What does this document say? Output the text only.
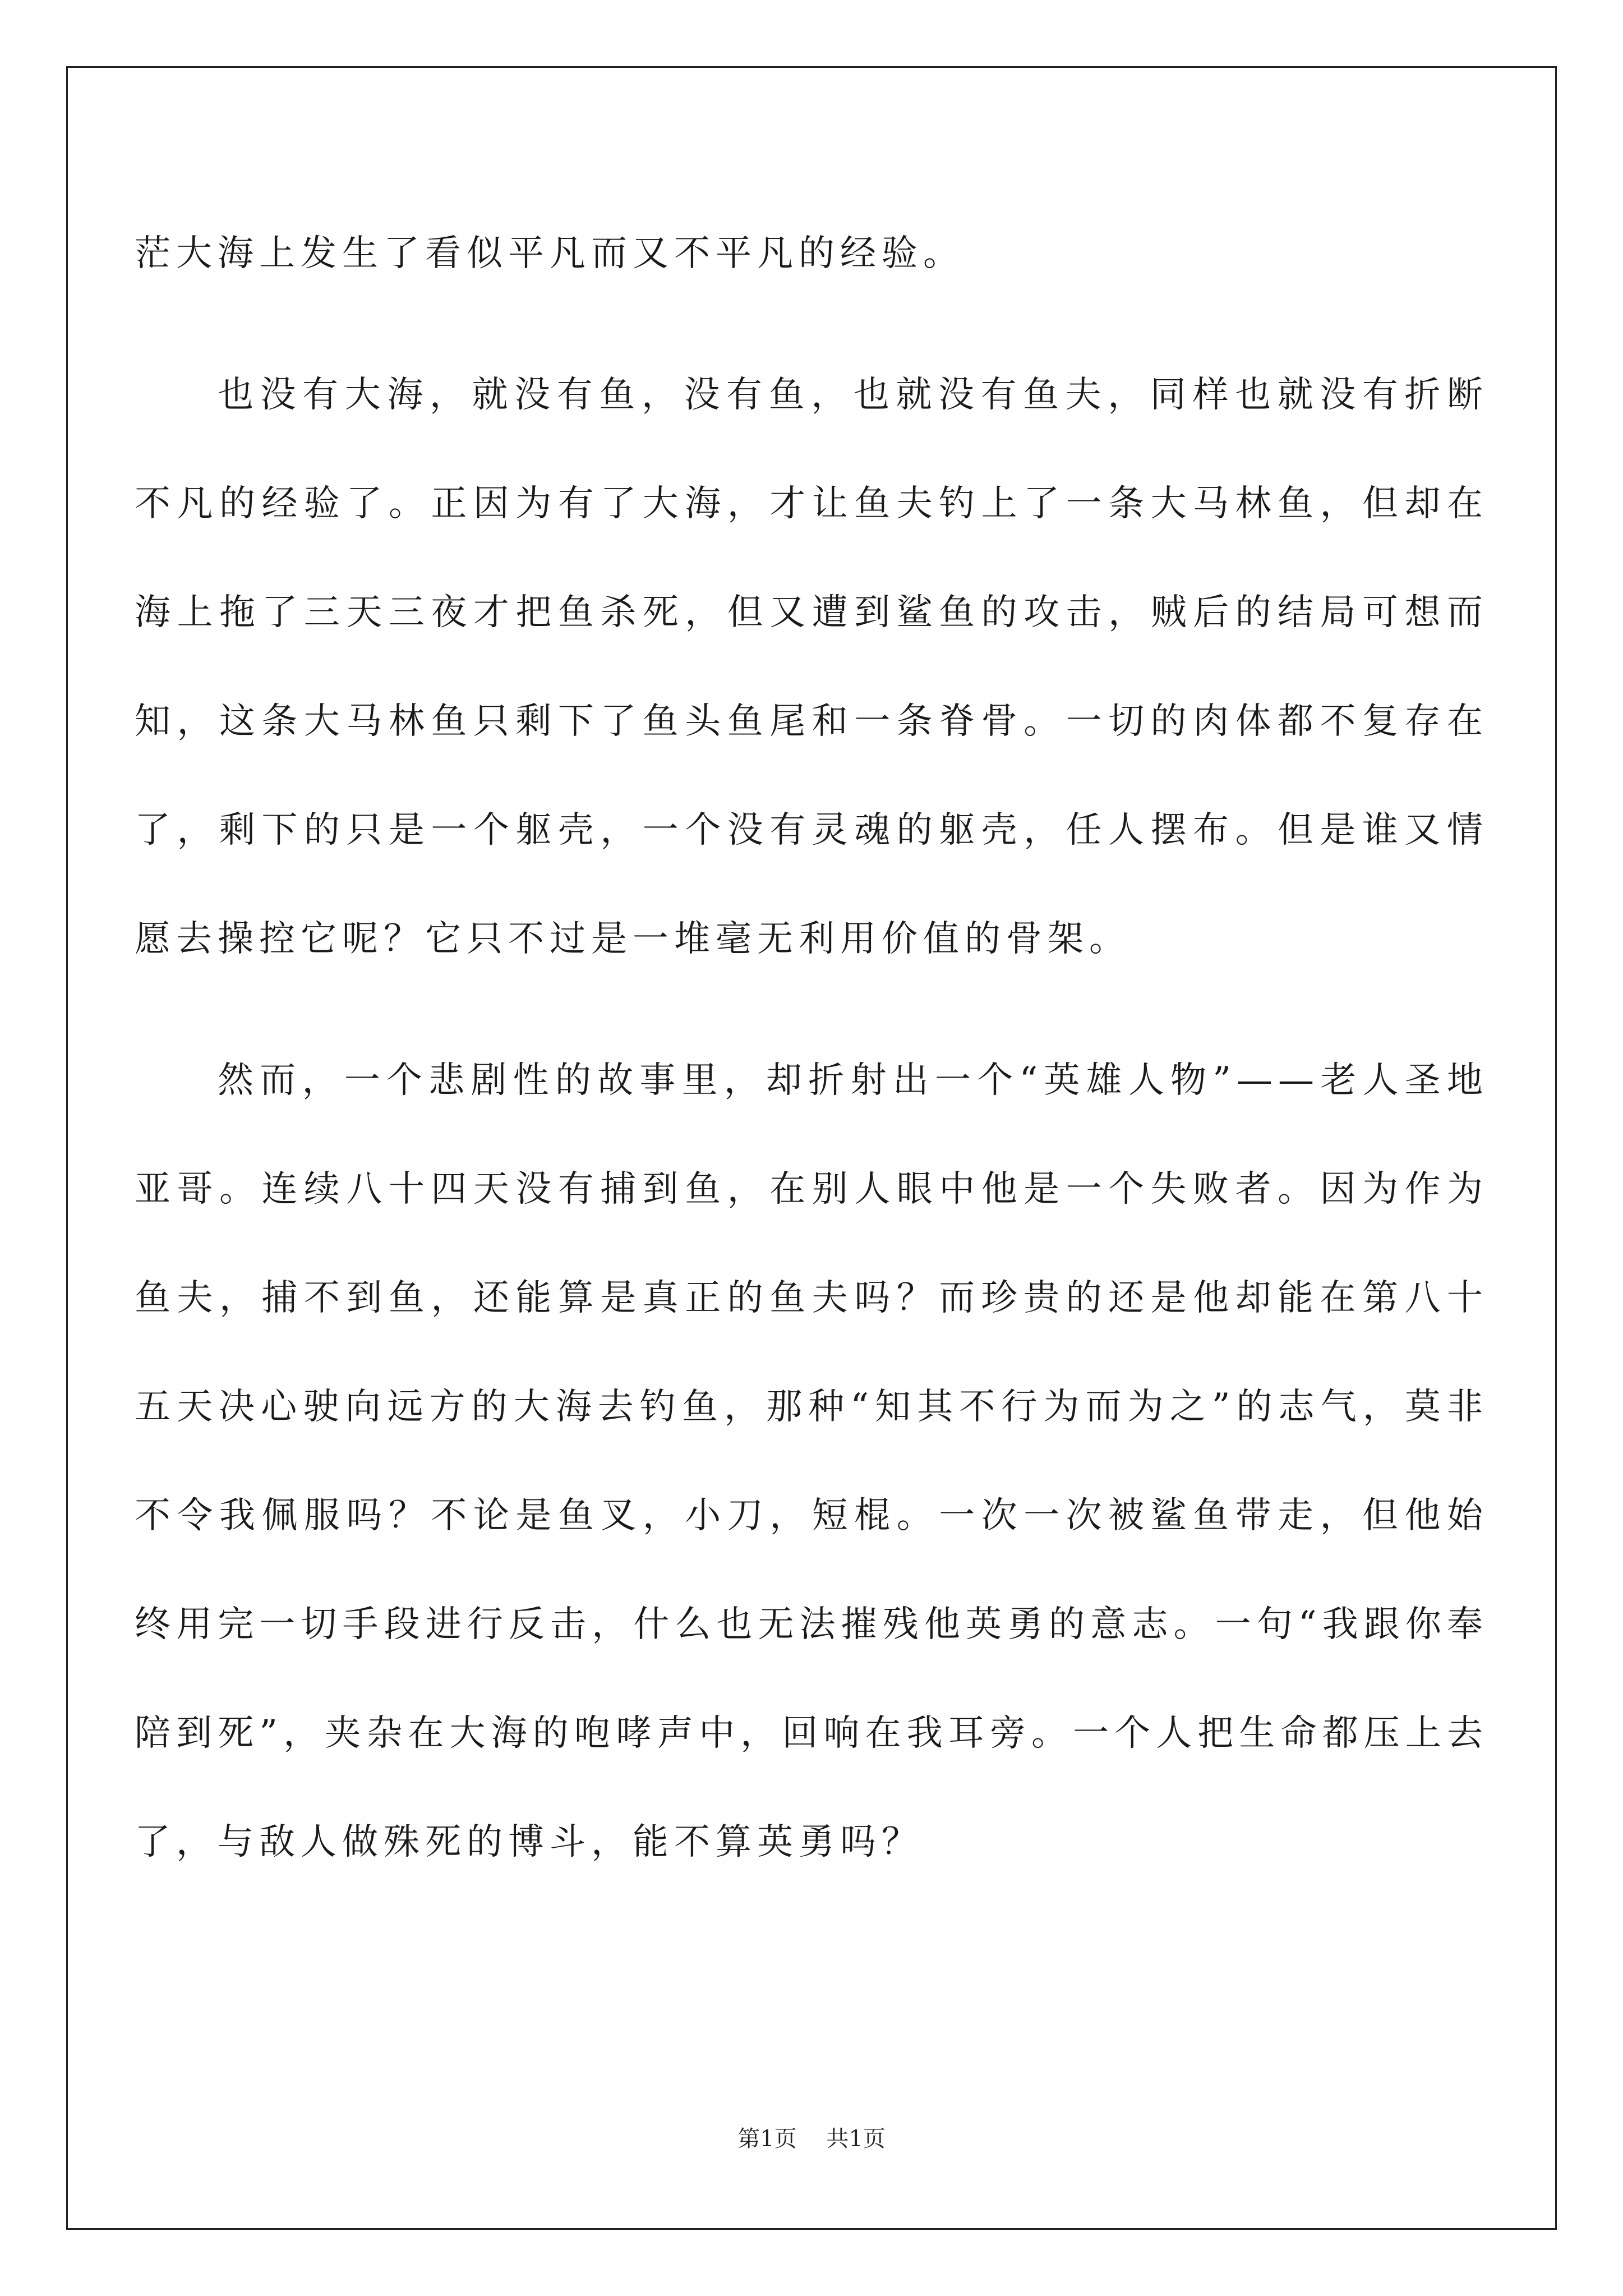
茫大海上发生了看似平凡而又不平凡的经验。

也没有大海，就没有鱼，没有鱼，也就没有鱼夫，同样也就没有折断不凡的经验了。正因为有了大海，才让鱼夫钓上了一条大马林鱼，但却在海上拖了三天三夜才把鱼杀死，但又遭到鲨鱼的攻击，贼后的结局可想而知，这条大马林鱼只剩下了鱼头鱼尾和一条脊骨。一切的肉体都不复存在了，剩下的只是一个躯壳，一个没有灵魂的躯壳，任人摆布。但是谁又情愿去操控它呢？它只不过是一堆毫无利用价值的骨架。

然而，一个悲剧性的故事里，却折射出一个“英雄人物”——老人圣地亚哥。连续八十四天没有捕到鱼，在别人眼中他是一个失败者。因为作为鱼夫，捕不到鱼，还能算是真正的鱼夫吗？而珍贵的还是他却能在第八十五天决心驶向远方的大海去钓鱼，那种“知其不行为而为之”的志气，莫非不令我佩服吗？不论是鱼叉，小刀，短棍。一次一次被鲨鱼带走，但他始终用完一切手段进行反击，什么也无法摧残他英勇的意志。一句“我跟你奉陪到死”，夹杂在大海的咆哮声中，回响在我耳旁。一个人把生命都压上去了，与敌人做殊死的博斗，能不算英勇吗？

第1页 共1页
